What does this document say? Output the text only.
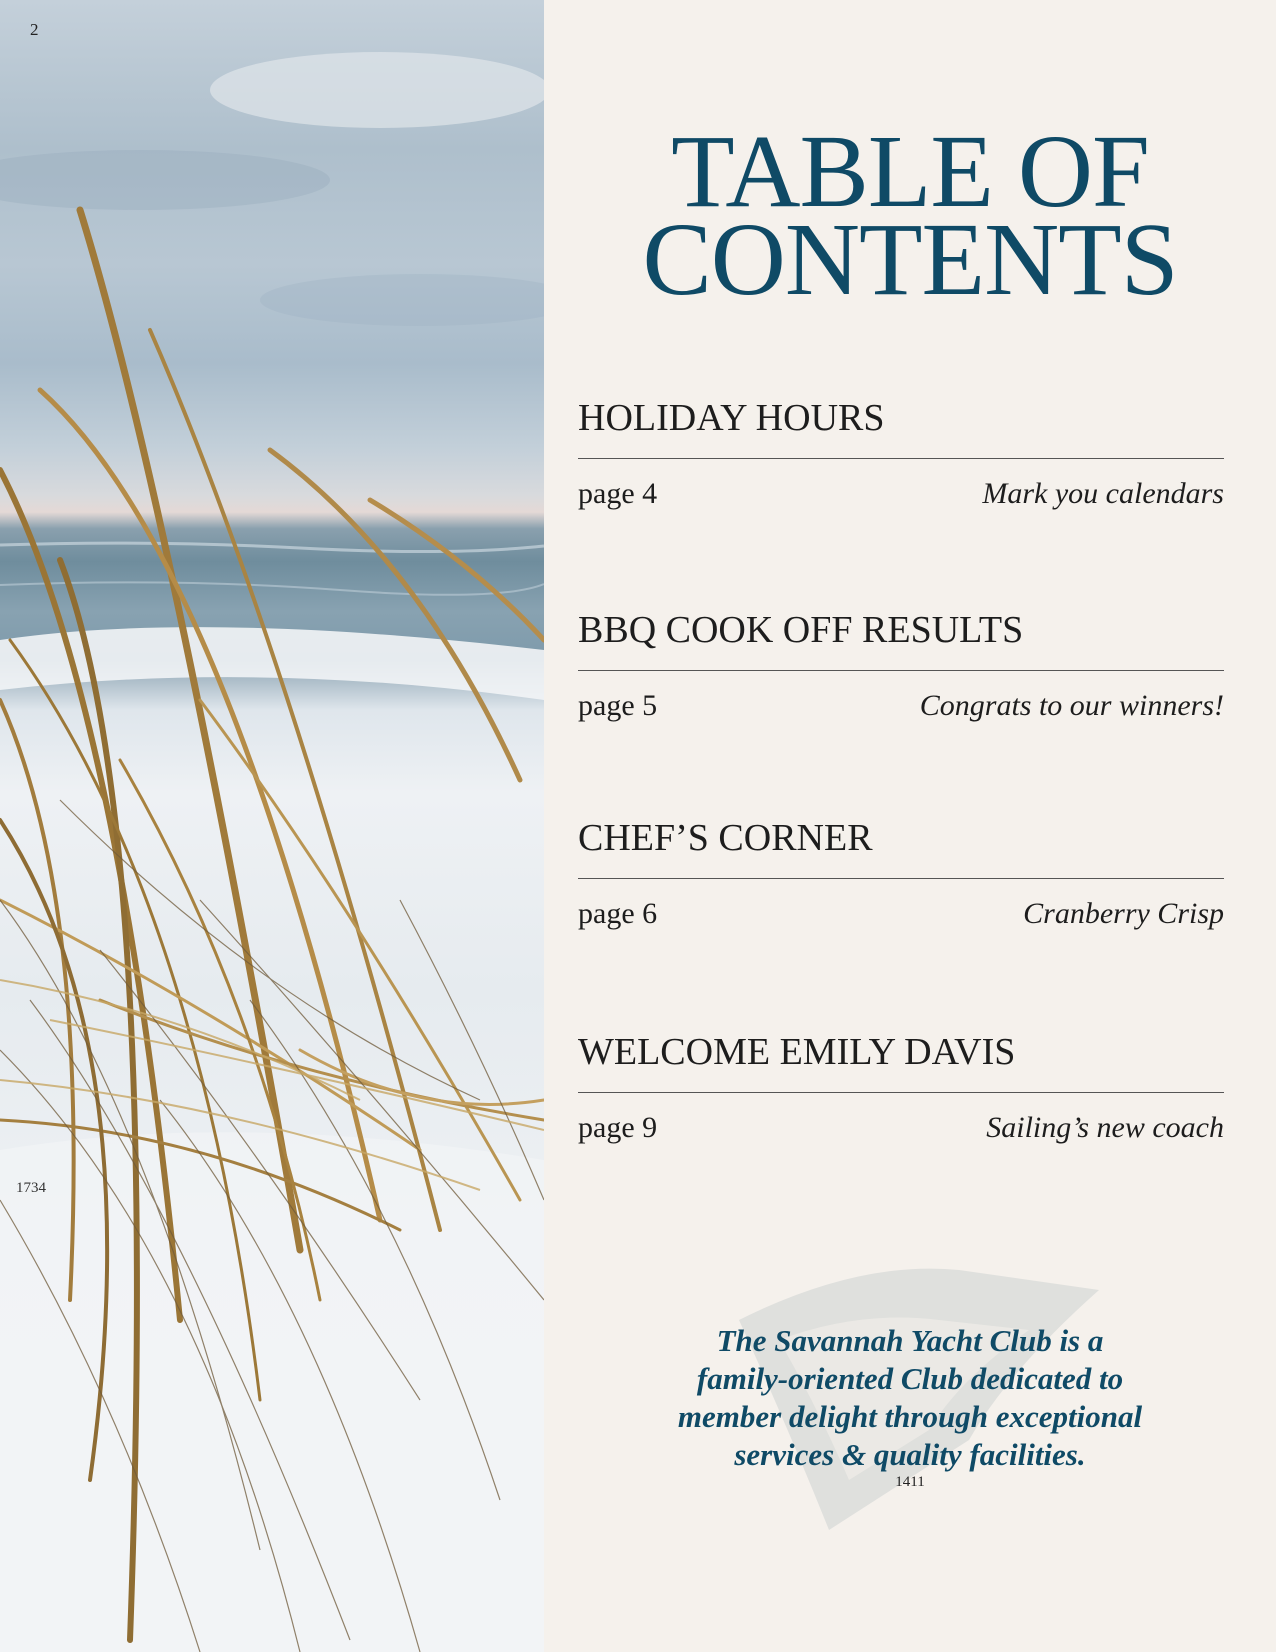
2

1734

TABLE OF
CONTENTS
HOLIDAY HOURS
page 4	Mark you calendars
BBQ COOK OFF RESULTS
page 5	Congrats to our winners!
CHEF’S CORNER
page 6	Cranberry Crisp
WELCOME EMILY DAVIS
page 9	Sailing’s new coach

The Savannah Yacht Club is a
family-oriented Club dedicated to
member delight through exceptional
services & quality facilities.

1411
